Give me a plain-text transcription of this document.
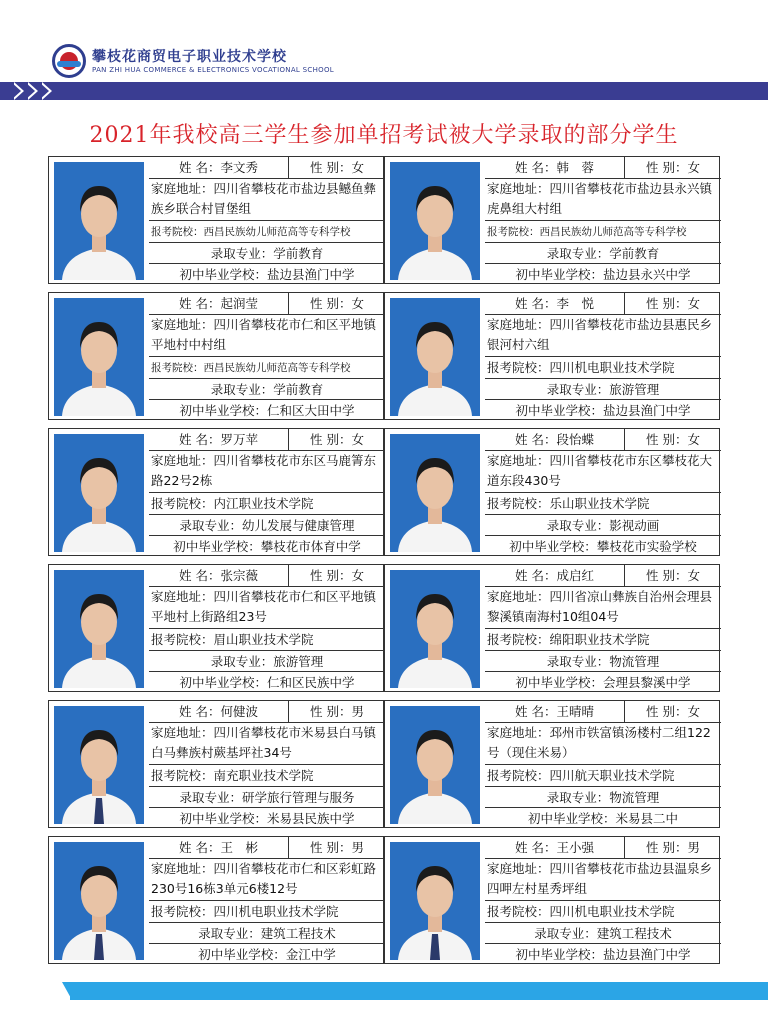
攀枝花商贸电子职业技术学校
PAN ZHI HUA COMMERCE & ELECTRONICS VOCATIONAL SCHOOL
2021年我校高三学生参加单招考试被大学录取的部分学生
姓 名：李文秀	性 别：女
家庭地址：四川省攀枝花市盐边县鳡鱼彝族乡联合村冒堡组
报考院校：西昌民族幼儿师范高等专科学校
录取专业：学前教育
初中毕业学校：盐边县渔门中学
姓 名：韩　蓉	性 别：女
家庭地址：四川省攀枝花市盐边县永兴镇虎鼻组大村组
报考院校：西昌民族幼儿师范高等专科学校
录取专业：学前教育
初中毕业学校：盐边县永兴中学
姓 名：起润莹	性 别：女
家庭地址：四川省攀枝花市仁和区平地镇平地村中村组
报考院校：西昌民族幼儿师范高等专科学校
录取专业：学前教育
初中毕业学校：仁和区大田中学
姓 名：李　悦	性 别：女
家庭地址：四川省攀枝花市盐边县惠民乡银河村六组
报考院校：四川机电职业技术学院
录取专业：旅游管理
初中毕业学校：盐边县渔门中学
姓 名：罗万苹	性 别：女
家庭地址：四川省攀枝花市东区马鹿箐东路22号2栋
报考院校：内江职业技术学院
录取专业：幼儿发展与健康管理
初中毕业学校：攀枝花市体育中学
姓 名：段怡蝶	性 别：女
家庭地址：四川省攀枝花市东区攀枝花大道东段430号
报考院校：乐山职业技术学院
录取专业：影视动画
初中毕业学校：攀枝花市实验学校
姓 名：张宗薇	性 别：女
家庭地址：四川省攀枝花市仁和区平地镇平地村上街路组23号
报考院校：眉山职业技术学院
录取专业：旅游管理
初中毕业学校：仁和区民族中学
姓 名：成启红	性 别：女
家庭地址：四川省凉山彝族自治州会理县黎溪镇南海村10组04号
报考院校：绵阳职业技术学院
录取专业：物流管理
初中毕业学校：会理县黎溪中学
姓 名：何健波	性 别：男
家庭地址：四川省攀枝花市米易县白马镇白马彝族村蕨基坪社34号
报考院校：南充职业技术学院
录取专业：研学旅行管理与服务
初中毕业学校：米易县民族中学
姓 名：王晴晴	性 别：女
家庭地址：邳州市铁富镇汤楼村二组122号（现住米易）
报考院校：四川航天职业技术学院
录取专业：物流管理
初中毕业学校：米易县二中
姓 名：王　彬	性 别：男
家庭地址：四川省攀枝花市仁和区彩虹路230号16栋3单元6楼12号
报考院校：四川机电职业技术学院
录取专业：建筑工程技术
初中毕业学校：金江中学
姓 名：王小强	性 别：男
家庭地址：四川省攀枝花市盐边县温泉乡四呷左村星秀坪组
报考院校：四川机电职业技术学院
录取专业：建筑工程技术
初中毕业学校：盐边县渔门中学
